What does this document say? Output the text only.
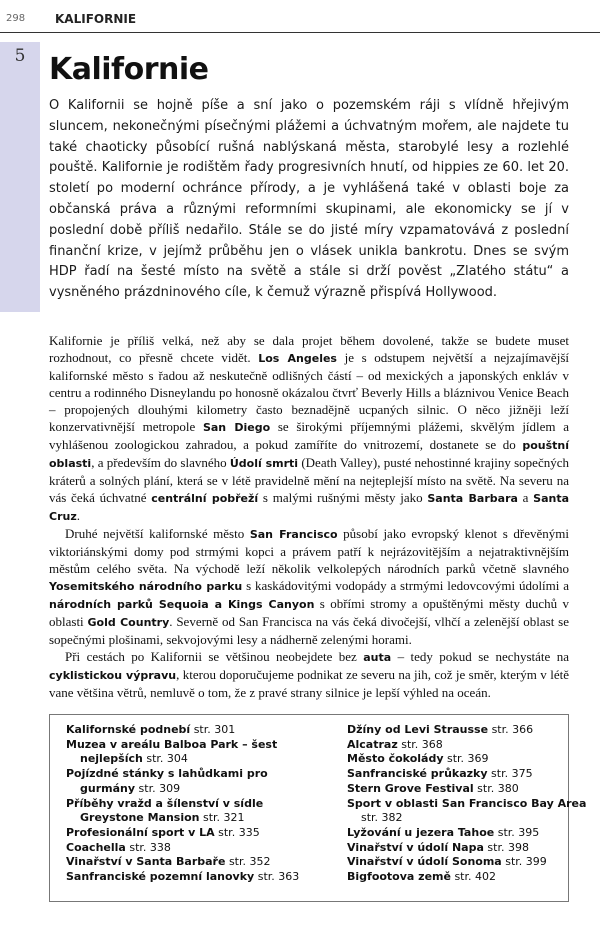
298 KALIFORNIE
5 Kalifornie

O Kalifornii se hojně píše a sní jako o pozemském ráji s vlídně hřejivým sluncem, nekonečnými písečnými plážemi a úchvatným mořem, ale najdete tu také chaoticky působící rušná nablýskaná města, starobylé lesy a rozlehlé pouště. Kalifornie je rodištěm řady progresivních hnutí, od hippies ze 60. let 20. století po moderní ochránce přírody, a je vyhlášená také v oblasti boje za občanská práva a různými reformními skupinami, ale ekonomicky se jí v poslední době příliš nedařilo. Stále se do jisté míry vzpamatovává z poslední finanční krize, v jejímž průběhu jen o vlásek unikla bankrotu. Dnes se svým HDP řadí na šesté místo na světě a stále si drží pověst „Zlatého státu“ a vysněného prázdninového cíle, k čemuž výrazně přispívá Hollywood.

Kalifornie je příliš velká, než aby se dala projet během dovolené, takže se budete muset rozhodnout, co přesně chcete vidět. Los Angeles je s odstupem největší a nejzajímavější kalifornské město s řadou až neskutečně odlišných částí – od mexických a japonských enkláv v centru a rodinného Disneylandu po honosně okázalou čtvrť Beverly Hills a bláznivou Venice Beach – propojených dlouhými kilometry často beznadějně ucpaných silnic. O něco jižněji leží konzervativnější metropole San Diego se širokými příjemnými plážemi, skvělým jídlem a vyhlášenou zoologickou zahradou, a pokud zamíříte do vnitrozemí, dostanete se do pouštní oblasti, a především do slavného Údolí smrti (Death Valley), pusté nehostinné krajiny sopečných kráterů a solných plání, která se v létě pravidelně mění na nejteplejší místo na světě. Na severu na vás čeká úchvatné centrální pobřeží s malými rušnými městy jako Santa Barbara a Santa Cruz.

Druhé největší kalifornské město San Francisco působí jako evropský klenot s dřevěnými viktoriánskými domy pod strmými kopci a právem patří k nejrázovitějším a nejatraktivnějším městům celého světa. Na východě leží několik velkolepých národních parků včetně slavného Yosemitského národního parku s kaskádovitými vodopády a strmými ledovcovými údolími a národních parků Sequoia a Kings Canyon s obřími stromy a opuštěnými městy duchů v oblasti Gold Country. Severně od San Francisca na vás čeká divočejší, vlhčí a zelenější oblast se sopečnými plošinami, sekvojovými lesy a nádherně zelenými horami.

Při cestách po Kalifornii se většinou neobejdete bez auta – tedy pokud se nechystáte na cyklistickou výpravu, kterou doporučujeme podnikat ze severu na jih, což je směr, kterým v létě vane většina větrů, nemluvě o tom, že z pravé strany silnice je lepší výhled na oceán.

Kalifornské podnebí str. 301
Muzea v areálu Balboa Park – šest nejlepších str. 304
Pojízdné stánky s lahůdkami pro gurmány str. 309
Příběhy vražd a šílenství v sídle Greystone Mansion str. 321
Profesionální sport v LA str. 335
Coachella str. 338
Vinařství v Santa Barbaře str. 352
Sanfranciské pozemní lanovky str. 363
Džíny od Levi Strausse str. 366
Alcatraz str. 368
Město čokolády str. 369
Sanfranciské průkazky str. 375
Stern Grove Festival str. 380
Sport v oblasti San Francisco Bay Area str. 382
Lyžování u jezera Tahoe str. 395
Vinařství v údolí Napa str. 398
Vinařství v údolí Sonoma str. 399
Bigfootova země str. 402
